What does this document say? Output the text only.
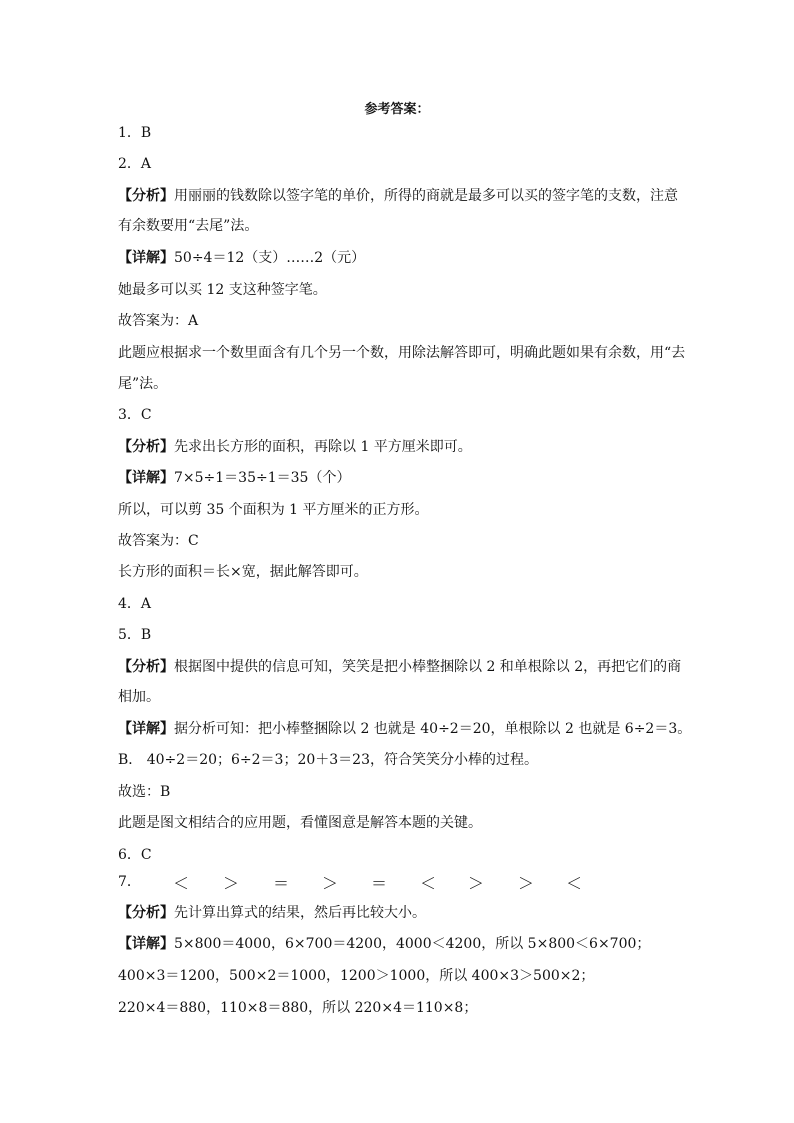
参考答案：
1．B
2．A
【分析】用丽丽的钱数除以签字笔的单价，所得的商就是最多可以买的签字笔的支数，注意
有余数要用“去尾”法。
【详解】50÷4＝12（支）……2（元）
她最多可以买 12 支这种签字笔。
故答案为：A
此题应根据求一个数里面含有几个另一个数，用除法解答即可，明确此题如果有余数，用“去
尾”法。
3．C
【分析】先求出长方形的面积，再除以 1 平方厘米即可。
【详解】7×5÷1＝35÷1＝35（个）
所以，可以剪 35 个面积为 1 平方厘米的正方形。
故答案为：C
长方形的面积＝长×宽，据此解答即可。
4．A
5．B
【分析】根据图中提供的信息可知，笑笑是把小棒整捆除以 2 和单根除以 2，再把它们的商
相加。
【详解】据分析可知：把小棒整捆除以 2 也就是 40÷2＝20，单根除以 2 也就是 6÷2＝3。
B． 40÷2＝20；6÷2＝3；20＋3＝23，符合笑笑分小棒的过程。
故选：B
此题是图文相结合的应用题，看懂图意是解答本题的关键。
6．C
7． ＜ ＞ ＝ ＞ ＝ ＜ ＞ ＞ ＜
【分析】先计算出算式的结果，然后再比较大小。
【详解】5×800＝4000，6×700＝4200，4000＜4200，所以 5×800＜6×700；
400×3＝1200，500×2＝1000，1200＞1000，所以 400×3＞500×2；
220×4＝880，110×8＝880，所以 220×4＝110×8；
